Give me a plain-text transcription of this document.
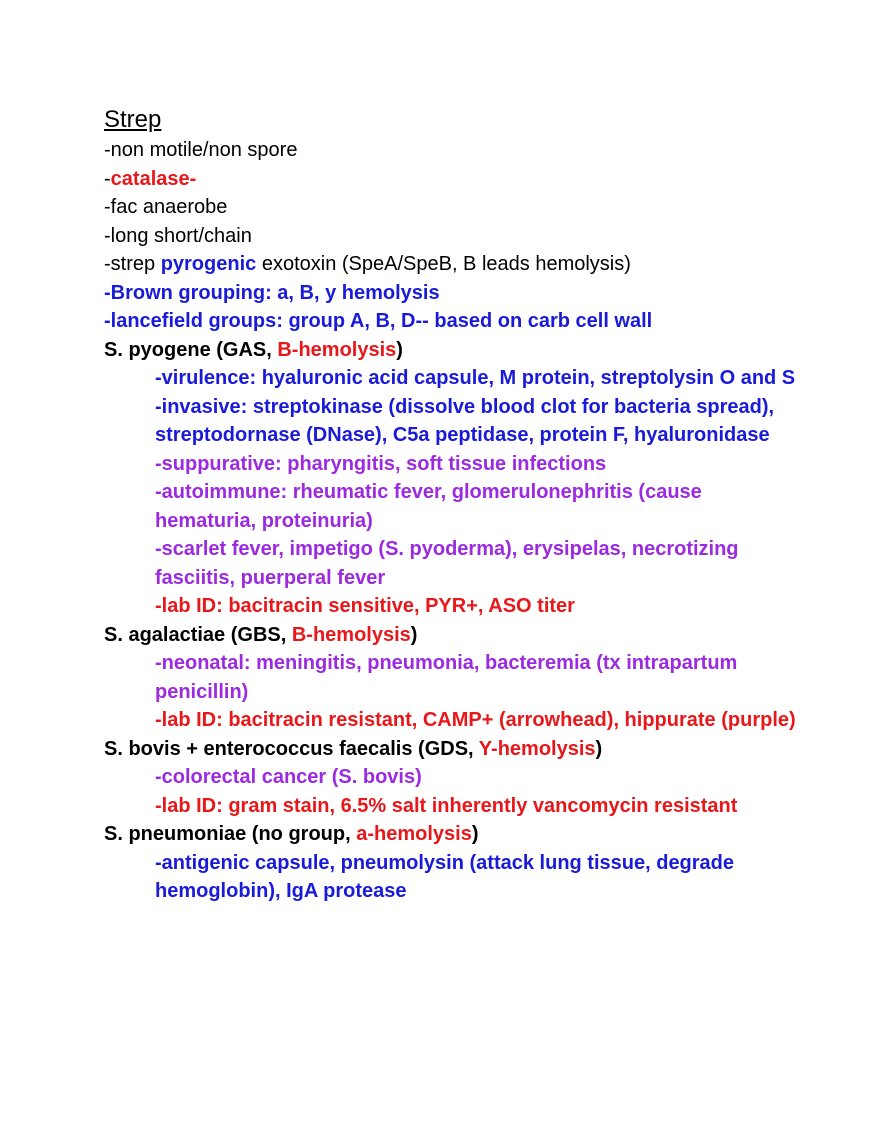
Strep
-non motile/non spore
-catalase-
-fac anaerobe
-long short/chain
-strep pyrogenic exotoxin (SpeA/SpeB, B leads hemolysis)
-Brown grouping: a, B, y hemolysis
-lancefield groups: group A, B, D-- based on carb cell wall
S. pyogene (GAS, B-hemolysis)
-virulence: hyaluronic acid capsule, M protein, streptolysin O and S
-invasive: streptokinase (dissolve blood clot for bacteria spread), streptodornase (DNase), C5a peptidase, protein F, hyaluronidase
-suppurative: pharyngitis, soft tissue infections
-autoimmune: rheumatic fever, glomerulonephritis (cause hematuria, proteinuria)
-scarlet fever, impetigo (S. pyoderma), erysipelas, necrotizing fasciitis, puerperal fever
-lab ID: bacitracin sensitive, PYR+, ASO titer
S. agalactiae (GBS, B-hemolysis)
-neonatal: meningitis, pneumonia, bacteremia (tx intrapartum penicillin)
-lab ID: bacitracin resistant, CAMP+ (arrowhead), hippurate (purple)
S. bovis + enterococcus faecalis (GDS, Y-hemolysis)
-colorectal cancer (S. bovis)
-lab ID: gram stain, 6.5% salt inherently vancomycin resistant
S. pneumoniae (no group, a-hemolysis)
-antigenic capsule, pneumolysin (attack lung tissue, degrade hemoglobin), IgA protease
